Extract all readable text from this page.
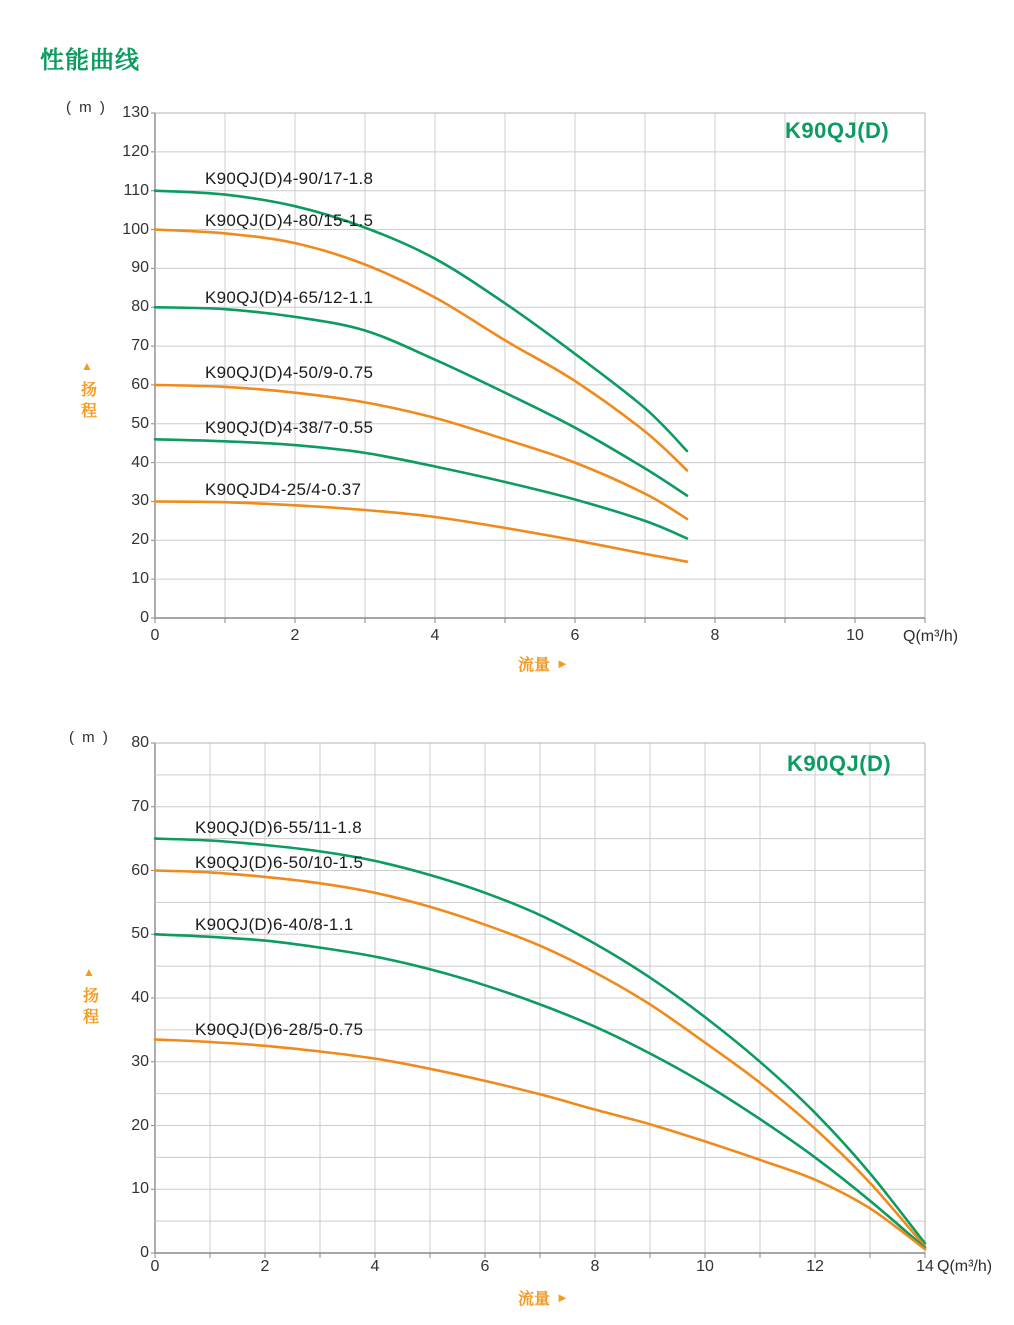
性能曲线
( m )
K90QJ(D)
▲
扬程
流量 ►
Q(m³/h)
( m )
K90QJ(D)
▲
扬程
流量 ►
Q(m³/h)
0
10
20
30
40
50
60
70
80
90
100
110
120
130
0	2	4	6	8	10
K90QJ(D)4-90/17-1.8
K90QJ(D)4-80/15-1.5
K90QJ(D)4-65/12-1.1
K90QJ(D)4-50/9-0.75
K90QJ(D)4-38/7-0.55
K90QJD4-25/4-0.37
0
10
20
30
40
50
60
70
80
0	2	4	6	8	10	12	14
K90QJ(D)6-55/11-1.8
K90QJ(D)6-50/10-1.5
K90QJ(D)6-40/8-1.1
K90QJ(D)6-28/5-0.75
